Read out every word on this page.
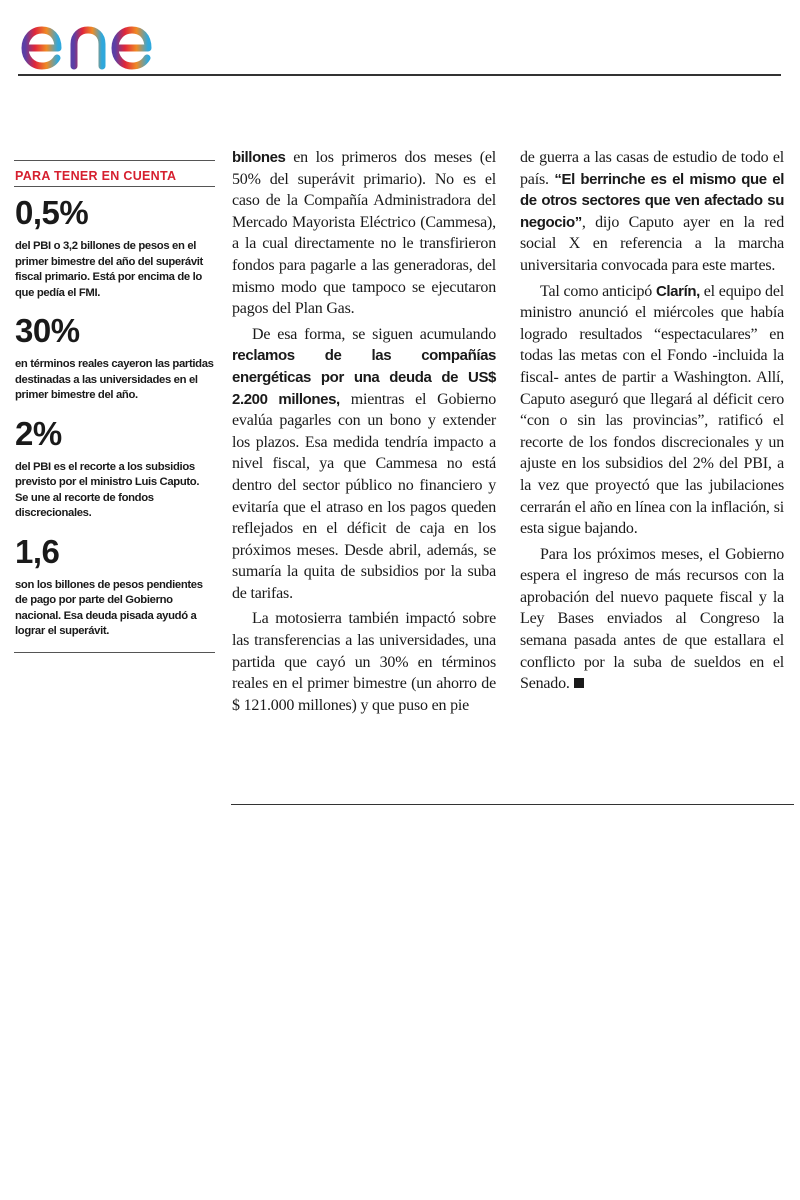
PARA TENER EN CUENTA
0,5%
del PBI o 3,2 billones de pesos en el primer bimestre del año del superávit fiscal primario. Está por encima de lo que pedía el FMI.
30%
en términos reales cayeron las partidas destinadas a las universidades en el primer bimestre del año.
2%
del PBI es el recorte a los subsidios previsto por el ministro Luis Caputo. Se une al recorte de fondos discrecionales.
1,6
son los billones de pesos pendientes de pago por parte del Gobierno nacional. Esa deuda pisada ayudó a lograr el superávit.

billones en los primeros dos meses (el 50% del superávit primario). No es el caso de la Compañía Administradora del Mercado Mayorista Eléctrico (Cammesa), a la cual directamente no le transfirieron fondos para pagarle a las generadoras, del mismo modo que tampoco se ejecutaron pagos del Plan Gas.

De esa forma, se siguen acumulando reclamos de las compañías energéticas por una deuda de US$ 2.200 millones, mientras el Gobierno evalúa pagarles con un bono y extender los plazos. Esa medida tendría impacto a nivel fiscal, ya que Cammesa no está dentro del sector público no financiero y evitaría que el atraso en los pagos queden reflejados en el déficit de caja en los próximos meses. Desde abril, además, se sumaría la quita de subsidios por la suba de tarifas.

La motosierra también impactó sobre las transferencias a las universidades, una partida que cayó un 30% en términos reales en el primer bimestre (un ahorro de $ 121.000 millones) y que puso en pie

de guerra a las casas de estudio de todo el país. “El berrinche es el mismo que el de otros sectores que ven afectado su negocio”, dijo Caputo ayer en la red social X en referencia a la marcha universitaria convocada para este martes.

Tal como anticipó Clarín, el equipo del ministro anunció el miércoles que había logrado resultados “espectaculares” en todas las metas con el Fondo -incluida la fiscal- antes de partir a Washington. Allí, Caputo aseguró que llegará al déficit cero “con o sin las provincias”, ratificó el recorte de los fondos discrecionales y un ajuste en los subsidios del 2% del PBI, a la vez que proyectó que las jubilaciones cerrarán el año en línea con la inflación, si esta sigue bajando.

Para los próximos meses, el Gobierno espera el ingreso de más recursos con la aprobación del nuevo paquete fiscal y la Ley Bases enviados al Congreso la semana pasada antes de que estallara el conflicto por la suba de sueldos en el Senado.
